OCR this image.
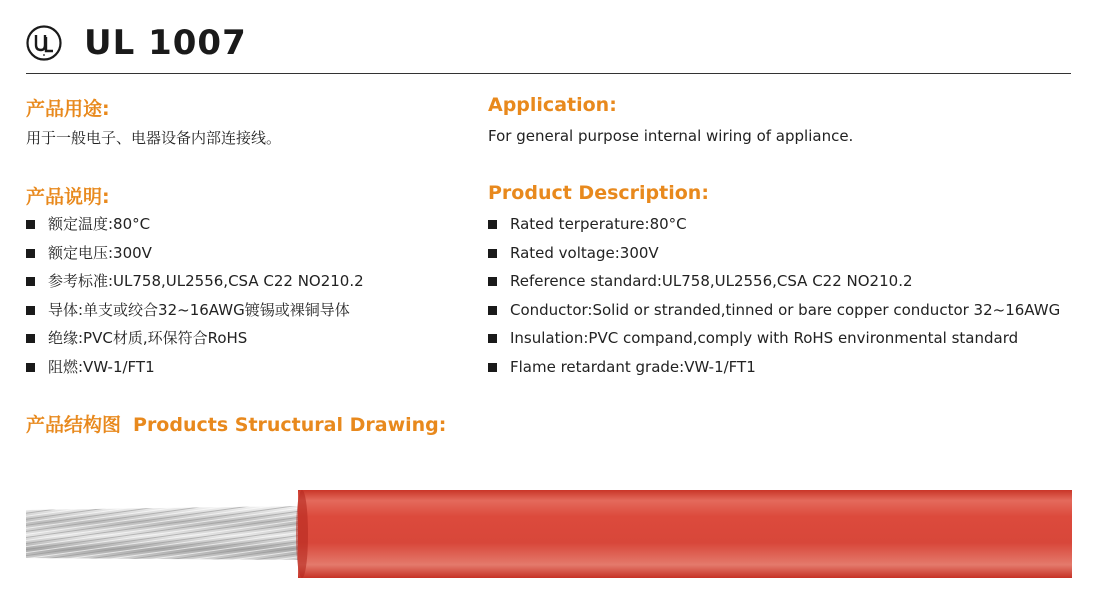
UL 1007
产品用途:
用于一般电子、电器设备内部连接线。
Application:
For general purpose internal wiring of appliance.
产品说明:
额定温度:80°C
额定电压:300V
参考标准:UL758,UL2556,CSA C22 NO210.2
导体:单支或绞合32~16AWG镀锡或裸铜导体
绝缘:PVC材质,环保符合RoHS
阻燃:VW-1/FT1
Product Description:
Rated terperature:80°C
Rated voltage:300V
Reference standard:UL758,UL2556,CSA C22 NO210.2
Conductor:Solid or stranded,tinned or bare copper conductor 32~16AWG
Insulation:PVC compand,comply with RoHS environmental standard
Flame retardant grade:VW-1/FT1
产品结构图 Products Structural Drawing:
